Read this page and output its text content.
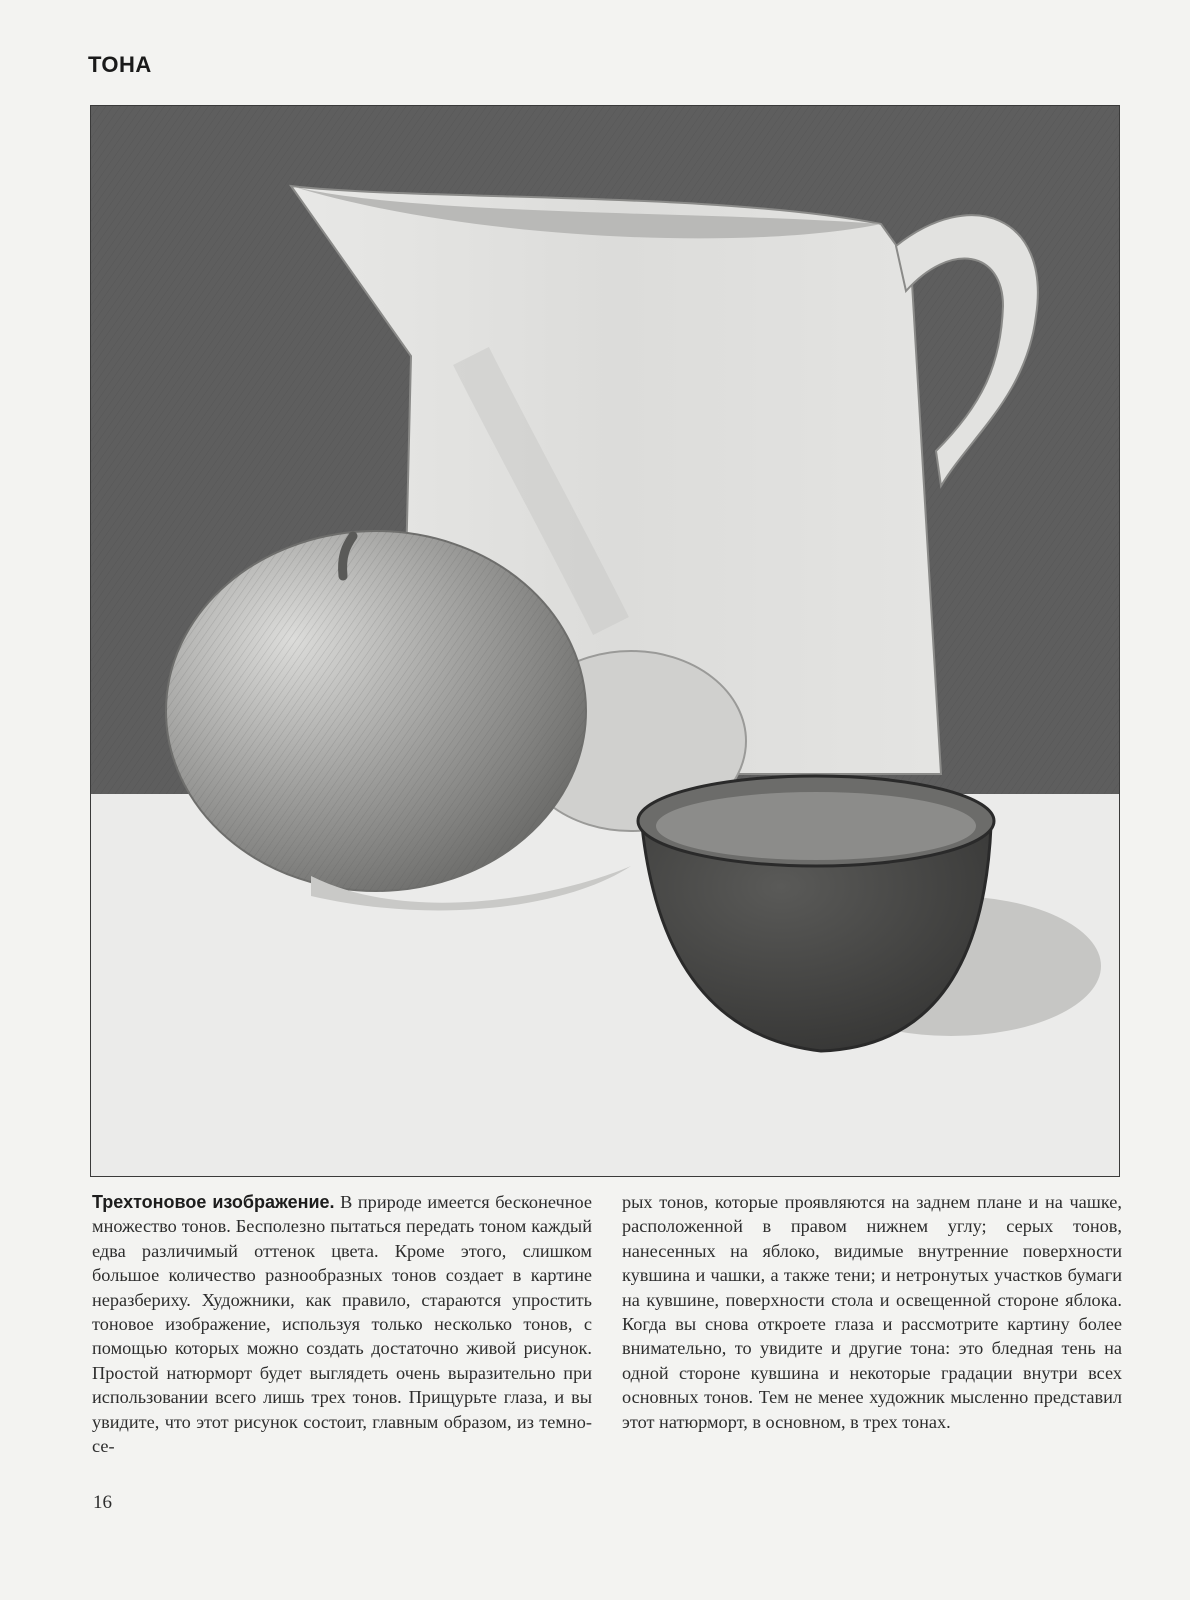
ТОНА
Трехтоновое изображение. В природе имеется бесконечное множество тонов. Бесполезно пытаться передать тоном каждый едва различимый оттенок цвета. Кроме этого, слишком большое количество разнообразных тонов создает в картине неразбериху. Художники, как правило, стараются упростить тоновое изображение, используя только несколько тонов, с помощью которых можно создать достаточно живой рисунок. Простой натюрморт будет выглядеть очень выразительно при использовании всего лишь трех тонов. Прищурьте глаза, и вы увидите, что этот рисунок состоит, главным образом, из темно-се-
рых тонов, которые проявляются на заднем плане и на чашке, расположенной в правом нижнем углу; серых тонов, нанесенных на яблоко, видимые внутренние поверхности кувшина и чашки, а также тени; и нетронутых участков бумаги на кувшине, поверхности стола и освещенной стороне яблока. Когда вы снова откроете глаза и рассмотрите картину более внимательно, то увидите и другие тона: это бледная тень на одной стороне кувшина и некоторые градации внутри всех основных тонов. Тем не менее художник мысленно представил этот натюрморт, в основном, в трех тонах.
16
